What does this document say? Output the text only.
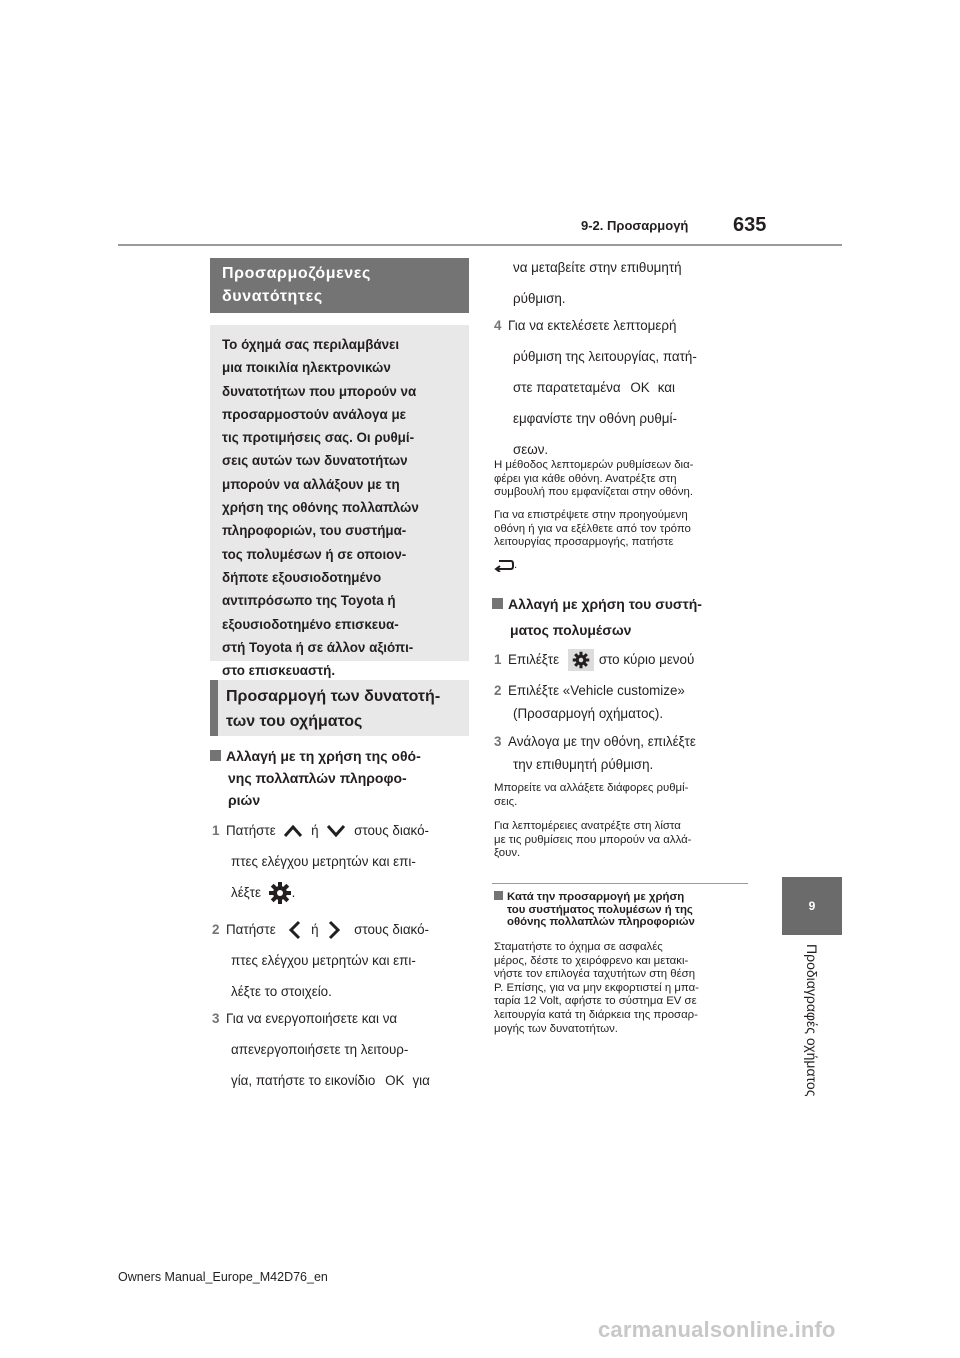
9-2. Προσαρμογή 635
9
Προδιαγραφές οχήματος
Προσαρμοζόμενες
δυνατότητες
Το όχημά σας περιλαμβάνει
μια ποικιλία ηλεκτρονικών
δυνατοτήτων που μπορούν να
προσαρμοστούν ανάλογα με
τις προτιμήσεις σας. Οι ρυθμί-
σεις αυτών των δυνατοτήτων
μπορούν να αλλάξουν με τη
χρήση της οθόνης πολλαπλών
πληροφοριών, του συστήμα-
τος πολυμέσων ή σε οποιον-
δήποτε εξουσιοδοτημένο
αντιπρόσωπο της Toyota ή
εξουσιοδοτημένο επισκευα-
στή Toyota ή σε άλλον αξιόπι-
στο επισκευαστή.
Προσαρμογή των δυνατοτή-
των του οχήματος
Αλλαγή με τη χρήση της οθό-
νης πολλαπλών πληροφο-
ριών
1 Πατήστε	ή	στους διακό-
πτες ελέγχου μετρητών και επι-
λέξτε .
2 Πατήστε	ή	στους διακό-
πτες ελέγχου μετρητών και επι-
λέξτε το στοιχείο.
3 Για να ενεργοποιήσετε και να
απενεργοποιήσετε τη λειτουρ-
γία, πατήστε το εικονίδιο OK για
να μεταβείτε στην επιθυμητή
ρύθμιση.
4 Για να εκτελέσετε λεπτομερή
ρύθμιση της λειτουργίας, πατή-
στε παρατεταμένα OK και
εμφανίστε την οθόνη ρυθμί-
σεων.
Η μέθοδος λεπτομερών ρυθμίσεων δια-
φέρει για κάθε οθόνη. Ανατρέξτε στη
συμβουλή που εμφανίζεται στην οθόνη.
Για να επιστρέψετε στην προηγούμενη
οθόνη ή για να εξέλθετε από τον τρόπο
λειτουργίας προσαρμογής, πατήστε
.
Αλλαγή με χρήση του συστή-
ματος πολυμέσων
1 Επιλέξτε	στο κύριο μενού
2 Επιλέξτε «Vehicle customize»
(Προσαρμογή οχήματος).
3 Ανάλογα με την οθόνη, επιλέξτε
την επιθυμητή ρύθμιση.
Μπορείτε να αλλάξετε διάφορες ρυθμί-
σεις.
Για λεπτομέρειες ανατρέξτε στη λίστα
με τις ρυθμίσεις που μπορούν να αλλά-
ξουν.
Κατά την προσαρμογή με χρήση
του συστήματος πολυμέσων ή της
οθόνης πολλαπλών πληροφοριών
Σταματήστε το όχημα σε ασφαλές
μέρος, δέστε το χειρόφρενο και μετακι-
νήστε τον επιλογέα ταχυτήτων στη θέση
P. Επίσης, για να μην εκφορτιστεί η μπα-
ταρία 12 Volt, αφήστε το σύστημα EV σε
λειτουργία κατά τη διάρκεια της προσαρ-
μογής των δυνατοτήτων.
Owners Manual_Europe_M42D76_en
carmanualsonline.info
